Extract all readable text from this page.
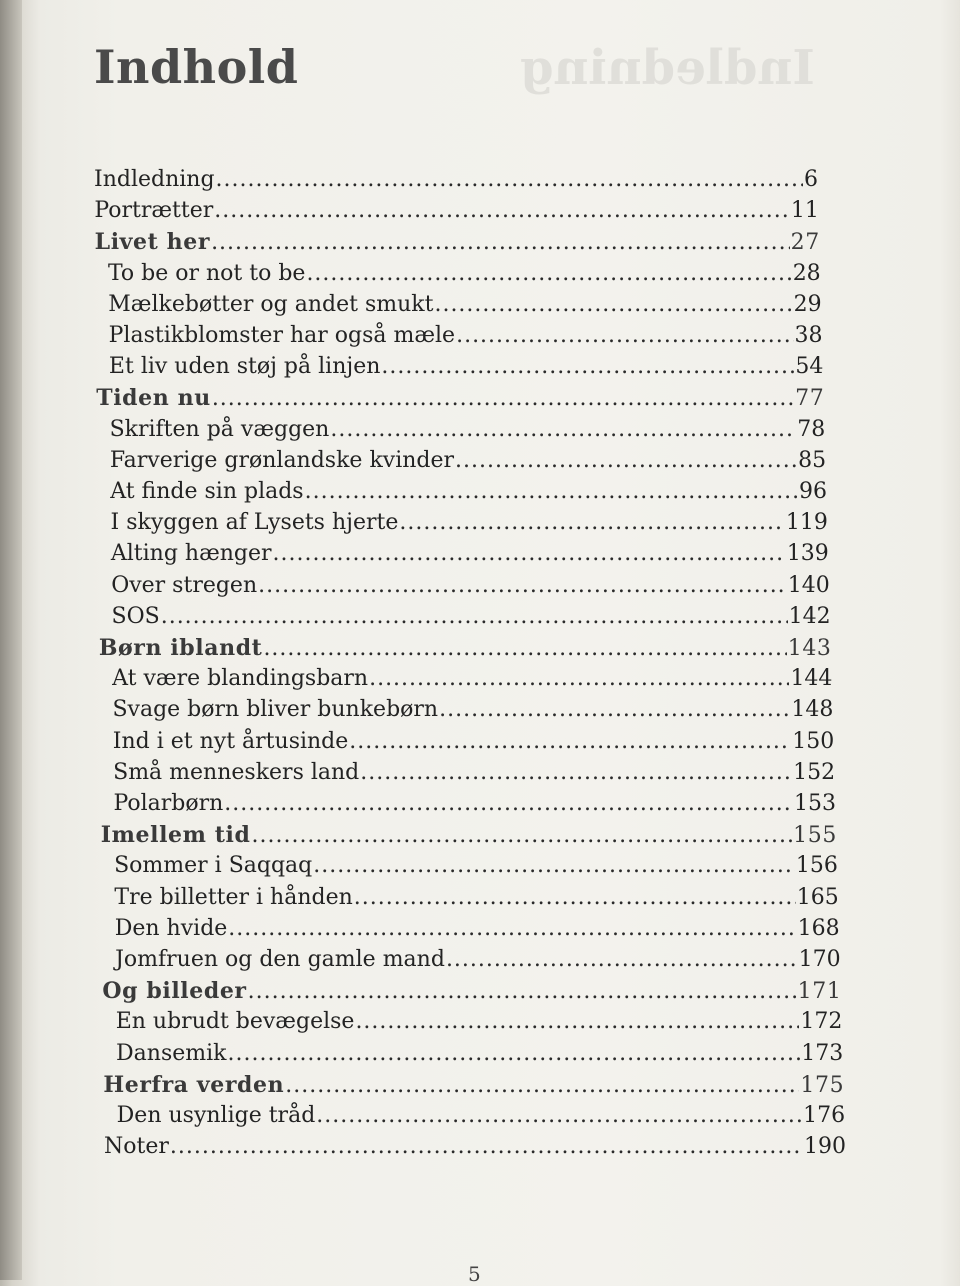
Indledning
Indhold
Indledning .....	6
Portrætter .....	11
Livet her .....	27
To be or not to be .....	28
Mælkebøtter og andet smukt .....	29
Plastikblomster har også mæle .....	38
Et liv uden støj på linjen .....	54
Tiden nu .....	77
Skriften på væggen .....	78
Farverige grønlandske kvinder .....	85
At finde sin plads .....	96
I skyggen af Lysets hjerte .....	119
Alting hænger .....	139
Over stregen .....	140
SOS .....	142
Børn iblandt .....	143
At være blandingsbarn .....	144
Svage børn bliver bunkebørn .....	148
Ind i et nyt årtusinde .....	150
Små menneskers land .....	152
Polarbørn .....	153
Imellem tid .....	155
Sommer i Saqqaq .....	156
Tre billetter i hånden .....	165
Den hvide .....	168
Jomfruen og den gamle mand .....	170
Og billeder .....	171
En ubrudt bevægelse .....	172
Dansemik .....	173
Herfra verden .....	175
Den usynlige tråd .....	176
Noter .....	190
5
